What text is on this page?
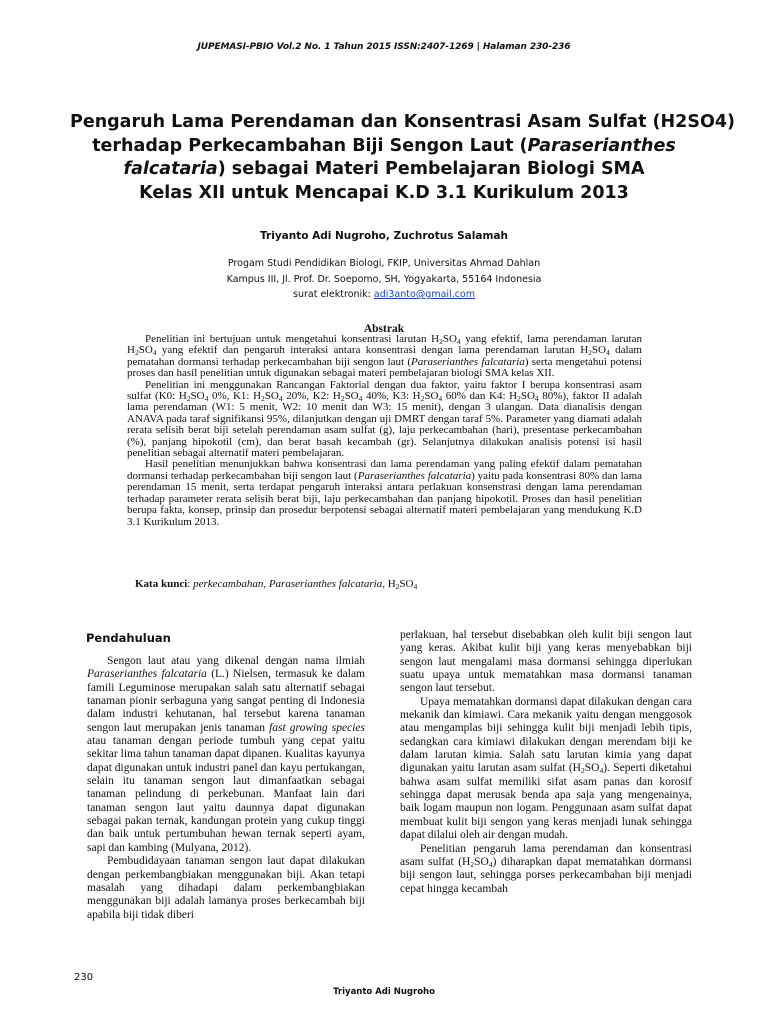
JUPEMASI-PBIO Vol.2 No. 1 Tahun 2015 ISSN:2407-1269 | Halaman 230-236
Pengaruh Lama Perendaman dan Konsentrasi Asam Sulfat (H2SO4)
terhadap Perkecambahan Biji Sengon Laut (Paraserianthes
falcataria) sebagai Materi Pembelajaran Biologi SMA
Kelas XII untuk Mencapai K.D 3.1 Kurikulum 2013
Triyanto Adi Nugroho, Zuchrotus Salamah
Progam Studi Pendidikan Biologi, FKIP, Universitas Ahmad Dahlan
Kampus III, Jl. Prof. Dr. Soepomo, SH, Yogyakarta, 55164 Indonesia
surat elektronik: adi3anto@gmail.com
Abstrak

Penelitian ini bertujuan untuk mengetahui konsentrasi larutan $H_2SO_4$ yang efektif, lama perendaman larutan $H_2SO_4$ yang efektif dan pengaruh interaksi antara konsentrasi dengan lama perendaman larutan $H_2SO_4$ dalam pematahan dormansi terhadap perkecambahan biji sengon laut (Paraserianthes falcataria) serta mengetahui potensi proses dan hasil penelitian untuk digunakan sebagai materi pembelajaran biologi SMA kelas XII.

Penelitian ini menggunakan Rancangan Faktorial dengan dua faktor, yaitu faktor I berupa konsentrasi asam sulfat (K0: $H_2SO_4$ 0%, K1: $H_2SO_4$ 20%, K2: $H_2SO_4$ 40%, K3: $H_2SO_4$ 60% dan K4: $H_2SO_4$ 80%), faktor II adalah lama perendaman (W1: 5 menit, W2: 10 menit dan W3: 15 menit), dengan 3 ulangan. Data dianalisis dengan ANAVA pada taraf signifikansi 95%, dilanjutkan dengan uji DMRT dengan taraf 5%. Parameter yang diamati adalah rerata selisih berat biji setelah perendaman asam sulfat (g), laju perkecambahan (hari), presentase perkecambahan (%), panjang hipokotil (cm), dan berat basah kecambah (gr). Selanjutnya dilakukan analisis potensi isi hasil penelitian sebagai alternatif materi pembelajaran.

Hasil penelitian menunjukkan bahwa konsentrasi dan lama perendaman yang paling efektif dalam pematahan dormansi terhadap perkecambahan biji sengon laut (Paraserianthes falcataria) yaitu pada konsentrasi 80% dan lama perendaman 15 menit, serta terdapat pengaruh interaksi antara perlakuan konsenstrasi dengan lama perendaman terhadap parameter rerata selisih berat biji, laju perkecambahan dan panjang hipokotil. Proses dan hasil penelitian berupa fakta, konsep, prinsip dan prosedur berpotensi sebagai alternatif materi pembelajaran yang mendukung K.D 3.1 Kurikulum 2013.

Kata kunci: perkecambahan, Paraserianthes falcataria, $H_2SO_4$
Pendahuluan

Sengon laut atau yang dikenal dengan nama ilmiah Paraserianthes falcataria (L.) Nielsen, termasuk ke dalam famili Leguminose merupakan salah satu alternatif sebagai tanaman pionir serbaguna yang sangat penting di Indonesia dalam industri kehutanan, hal tersebut karena tanaman sengon laut merupakan jenis tanaman fast growing species atau tanaman dengan periode tumbuh yang cepat yaitu sekitar lima tahun tanaman dapat dipanen. Kualitas kayunya dapat digunakan untuk industri panel dan kayu pertukangan, selain itu tanaman sengon laut dimanfaatkan sebagai tanaman pelindung di perkebunan. Manfaat lain dari tanaman sengon laut yaitu daunnya dapat digunakan sebagai pakan ternak, kandungan protein yang cukup tinggi dan baik untuk pertumbuhan hewan ternak seperti ayam, sapi dan kambing (Mulyana, 2012).

Pembudidayaan tanaman sengon laut dapat dilakukan dengan perkembangbiakan menggunakan biji. Akan tetapi masalah yang dihadapi dalam perkembangbiakan menggunakan biji adalah lamanya proses berkecambah biji apabila biji tidak diberi

perlakuan, hal tersebut disebabkan oleh kulit biji sengon laut yang keras. Akibat kulit biji yang keras menyebabkan biji sengon laut mengalami masa dormansi sehingga diperlukan suatu upaya untuk mematahkan masa dormansi tanaman sengon laut tersebut.

Upaya mematahkan dormansi dapat dilakukan dengan cara mekanik dan kimiawi. Cara mekanik yaitu dengan menggosok atau mengamplas biji sehingga kulit biji menjadi lebih tipis, sedangkan cara kimiawi dilakukan dengan merendam biji ke dalam larutan kimia. Salah satu larutan kimia yang dapat digunakan yaitu larutan asam sulfat $(H_2SO_4)$. Seperti diketahui bahwa asam sulfat memiliki sifat asam panas dan korosif sehingga dapat merusak benda apa saja yang mengenainya, baik logam maupun non logam. Penggunaan asam sulfat dapat membuat kulit biji sengon yang keras menjadi lunak sehingga dapat dilalui oleh air dengan mudah.

Penelitian pengaruh lama perendaman dan konsentrasi asam sulfat $(H_2SO_4)$ diharapkan dapat mematahkan dormansi biji sengon laut, sehingga porses perkecambahan biji menjadi cepat hingga kecambah

230
Triyanto Adi Nugroho
